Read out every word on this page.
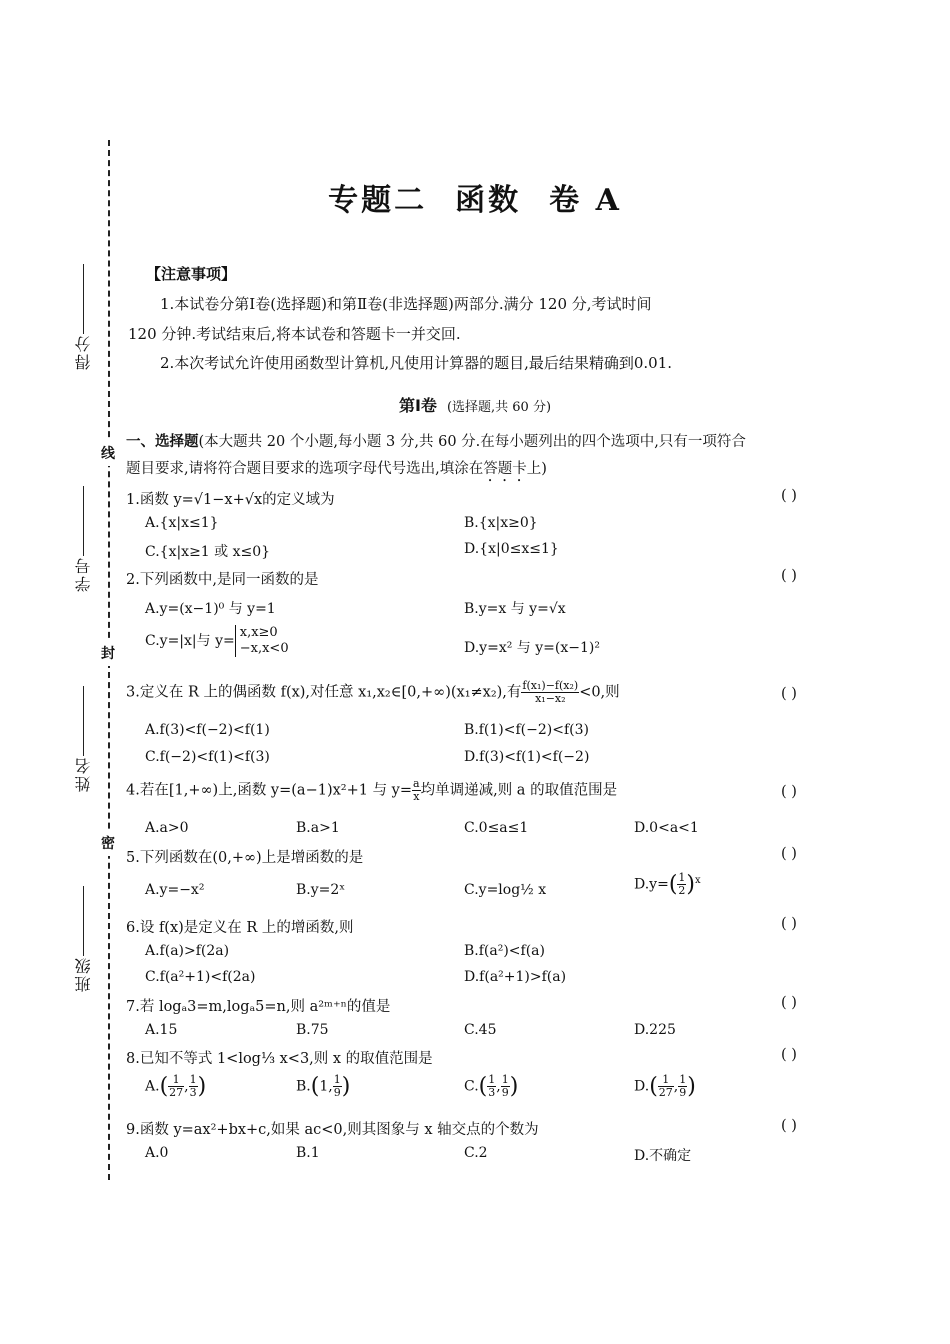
线
封
密
得分
学号
姓名
班级
专题二 函数 卷 A
【注意事项】
1.本试卷分第Ⅰ卷(选择题)和第Ⅱ卷(非选择题)两部分.满分 120 分,考试时间
120 分钟.考试结束后,将本试卷和答题卡一并交回.
2.本次考试允许使用函数型计算机,凡使用计算器的题目,最后结果精确到0.01.
第Ⅰ卷 (选择题,共 60 分)
一、选择题(本大题共 20 个小题,每小题 3 分,共 60 分.在每小题列出的四个选项中,只有一项符合
题目要求,请将符合题目要求的选项字母代号选出,填涂在答题卡上)
1.函数 y=√1−x+√x的定义域为	( )
A.{x|x≤1}	B.{x|x≥0}
C.{x|x≥1 或 x≤0}	D.{x|0≤x≤1}
2.下列函数中,是同一函数的是	( )
A.y=(x−1)⁰ 与 y=1	B.y=x 与 y=√x
C.y=|x|与 y=
x,x≥0
−x,x<0	D.y=x² 与 y=(x−1)²
3.定义在 R 上的偶函数 f(x),对任意 x₁,x₂∈[0,+∞)(x₁≠x₂),有 $\frac{\text{f(x₁)−f(x₂)}}{\text{x₁−x₂}} <0$,则	( )
A.f(3)<f(−2)<f(1)	B.f(1)<f(−2)<f(3)
C.f(−2)<f(1)<f(3)	D.f(3)<f(1)<f(−2)
4.若在[1,+∞)上,函数 y=(a−1)x²+1 与 $y= \frac{a}{x}$ 均单调递减,则 a 的取值范围是	( )
A.a>0	B.a>1	C.0≤a≤1	D.0<a<1
5.下列函数在(0,+∞)上是增函数的是	( )
A.y=−x²	B.y=2ˣ	C.y=log½ x	$D.y=( \frac{1}{2} )^x$
6.设 f(x)是定义在 R 上的增函数,则	( )
A.f(a)>f(2a)	B.f(a²)<f(a)
C.f(a²+1)<f(2a)	D.f(a²+1)>f(a)
7.若 logₐ3=m,logₐ5=n,则 a²ᵐ⁺ⁿ的值是	( )
A.15	B.75	C.45	D.225
8.已知不等式 1<log⅓ x<3,则 x 的取值范围是	( )
$A.( \frac{1}{27}$ , $\frac{1}{3}$ )	B.(1, $\frac{1}{9}$ )	$C.( \frac{1}{3}$ , $\frac{1}{9}$ )	$D.( \frac{1}{27}$ , $\frac{1}{9}$ )
9.函数 y=ax²+bx+c,如果 ac<0,则其图象与 x 轴交点的个数为	( )
A.0	B.1	C.2	D.不确定
